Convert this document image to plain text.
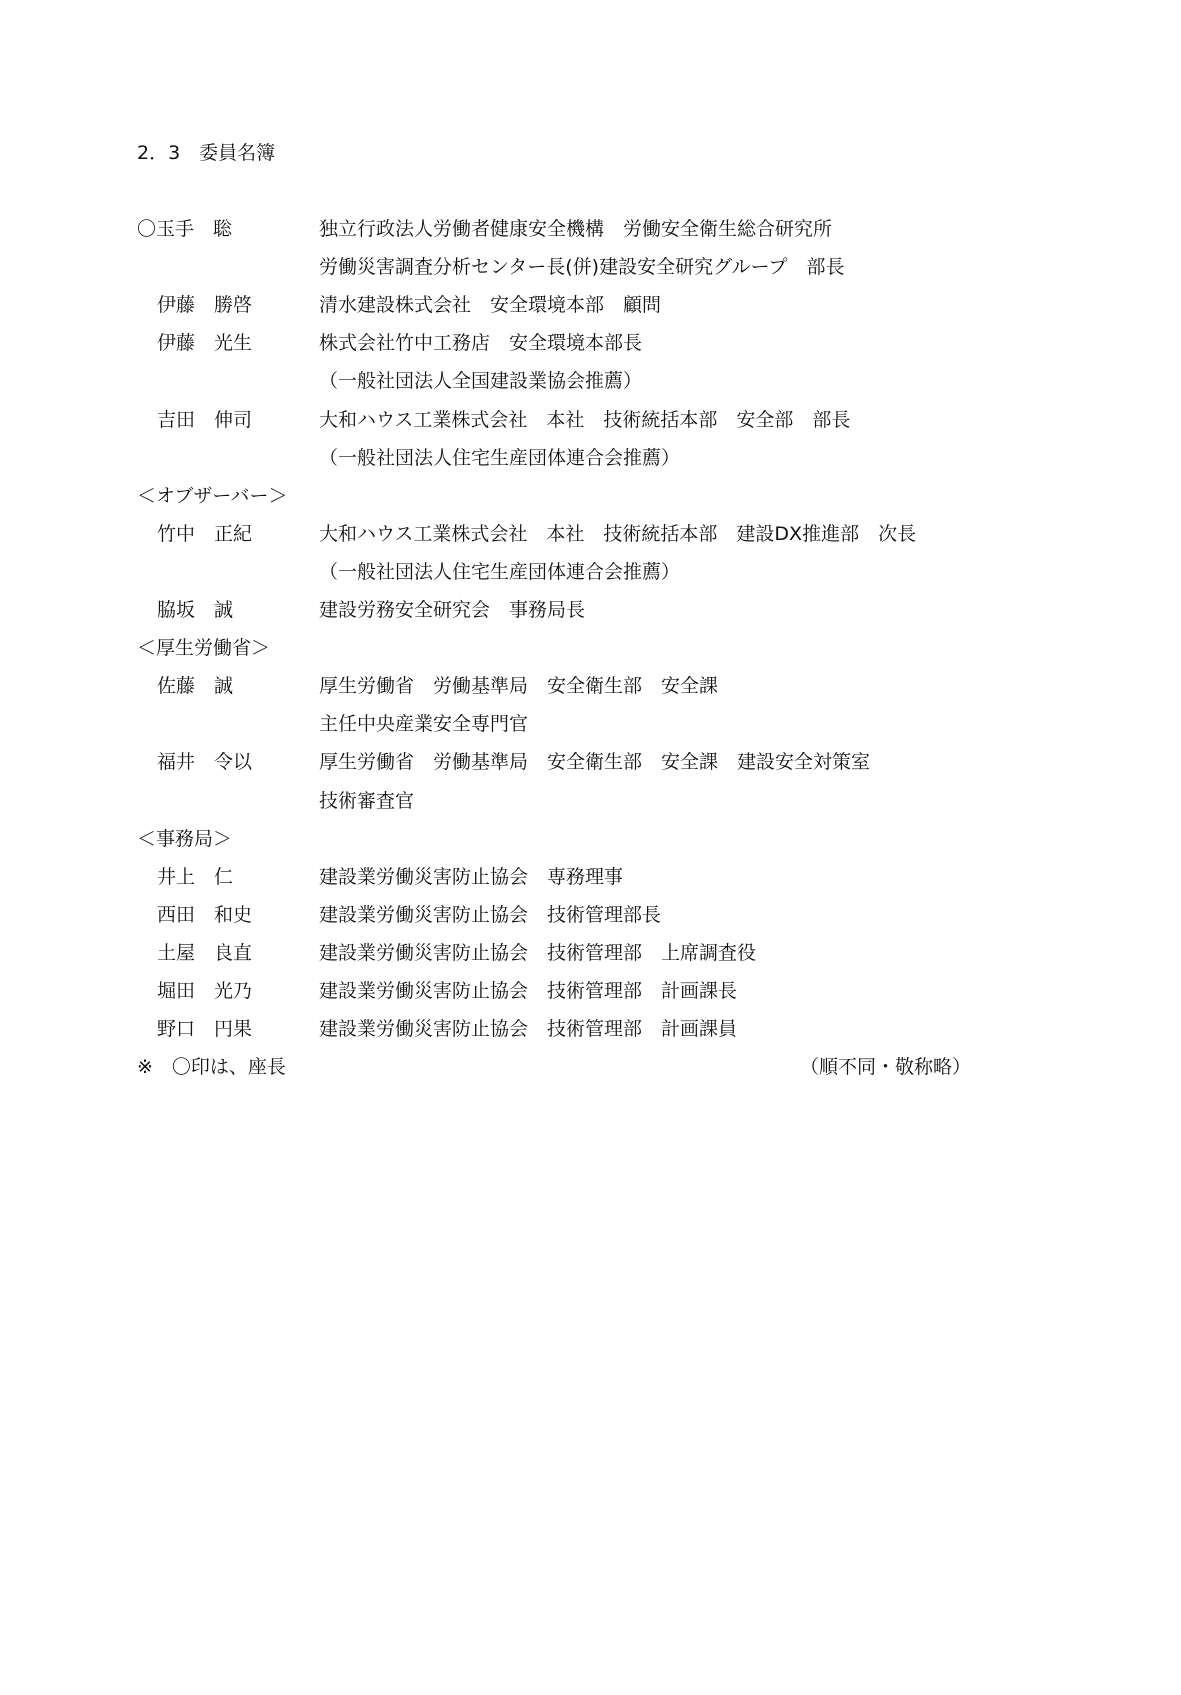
2．3　委員名簿
〇玉手　聡	独立行政法人労働者健康安全機構　労働安全衛生総合研究所
労働災害調査分析センター長(併)建設安全研究グループ　部長
伊藤　勝啓	清水建設株式会社　安全環境本部　顧問
伊藤　光生	株式会社竹中工務店　安全環境本部長
（一般社団法人全国建設業協会推薦）
吉田　伸司	大和ハウス工業株式会社　本社　技術統括本部　安全部　部長
（一般社団法人住宅生産団体連合会推薦）
＜オブザーバー＞
竹中　正紀	大和ハウス工業株式会社　本社　技術統括本部　建設DX推進部　次長
（一般社団法人住宅生産団体連合会推薦）
脇坂　誠	建設労務安全研究会　事務局長
＜厚生労働省＞
佐藤　誠	厚生労働省　労働基準局　安全衛生部　安全課
主任中央産業安全専門官
福井　令以	厚生労働省　労働基準局　安全衛生部　安全課　建設安全対策室
技術審査官
＜事務局＞
井上　仁	建設業労働災害防止協会　専務理事
西田　和史	建設業労働災害防止協会　技術管理部長
土屋　良直	建設業労働災害防止協会　技術管理部　上席調査役
堀田　光乃	建設業労働災害防止協会　技術管理部　計画課長
野口　円果	建設業労働災害防止協会　技術管理部　計画課員
※　〇印は、座長	（順不同・敬称略）
